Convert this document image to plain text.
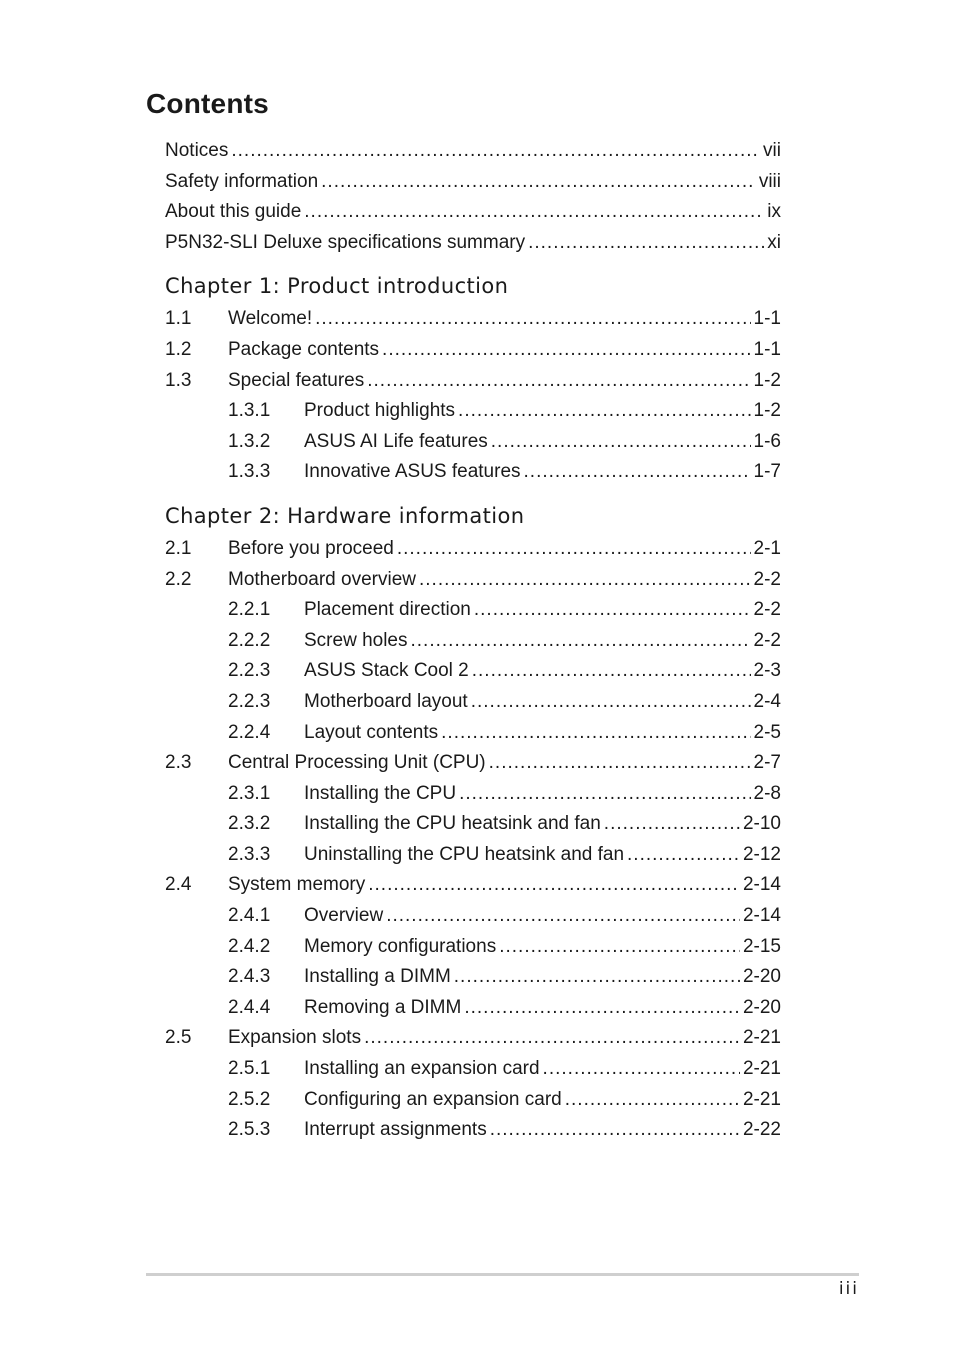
Contents
Notices .....	vii
Safety information .....	viii
About this guide .....	ix
P5N32-SLI Deluxe specifications summary .....	xi
Chapter 1: Product introduction
1.1	Welcome! .....	1-1
1.2	Package contents .....	1-1
1.3	Special features .....	1-2
1.3.1	Product highlights .....	1-2
1.3.2	ASUS AI Life features .....	1-6
1.3.3	Innovative ASUS features .....	1-7
Chapter 2: Hardware information
2.1	Before you proceed .....	2-1
2.2	Motherboard overview .....	2-2
2.2.1	Placement direction .....	2-2
2.2.2	Screw holes .....	2-2
2.2.3	ASUS Stack Cool 2 .....	2-3
2.2.3	Motherboard layout .....	2-4
2.2.4	Layout contents .....	2-5
2.3	Central Processing Unit (CPU) .....	2-7
2.3.1	Installing the CPU .....	2-8
2.3.2	Installing the CPU heatsink and fan .....	2-10
2.3.3	Uninstalling the CPU heatsink and fan .....	2-12
2.4	System memory .....	2-14
2.4.1	Overview .....	2-14
2.4.2	Memory configurations .....	2-15
2.4.3	Installing a DIMM .....	2-20
2.4.4	Removing a DIMM .....	2-20
2.5	Expansion slots .....	2-21
2.5.1	Installing an expansion card .....	2-21
2.5.2	Configuring an expansion card .....	2-21
2.5.3	Interrupt assignments .....	2-22
iii
